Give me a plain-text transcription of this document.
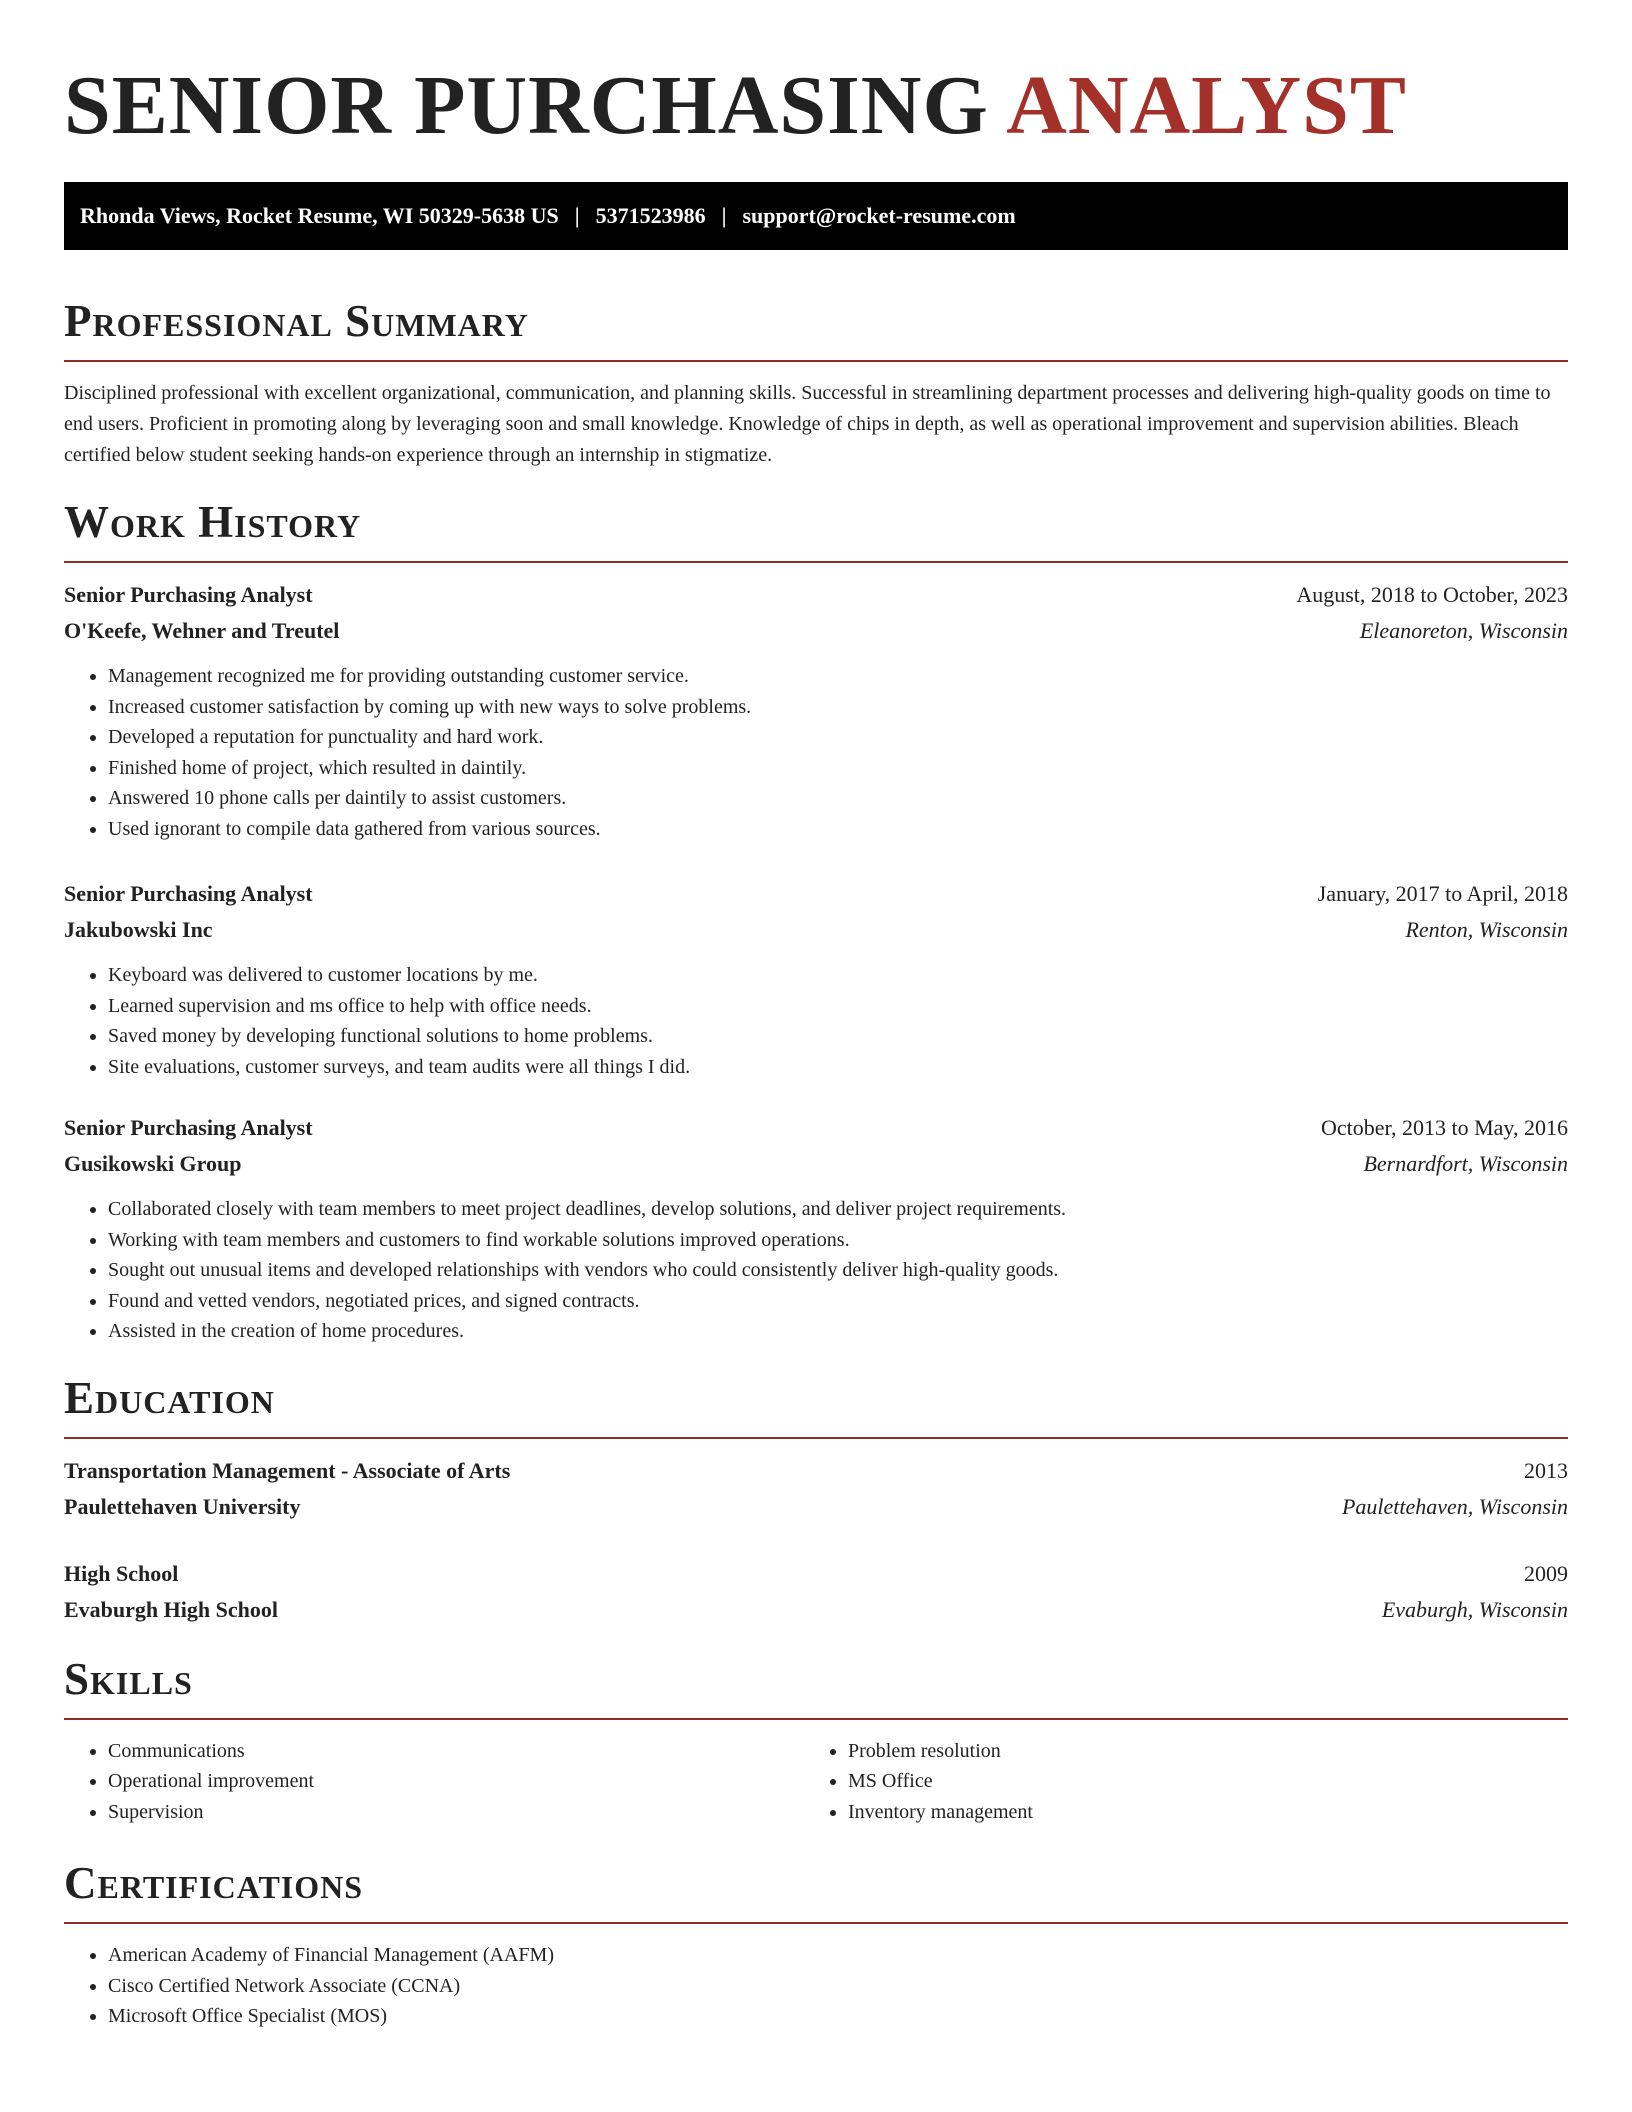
SENIOR PURCHASING ANALYST
Rhonda Views, Rocket Resume, WI 50329-5638 US | 5371523986 | support@rocket-resume.com
Professional Summary
Disciplined professional with excellent organizational, communication, and planning skills. Successful in streamlining department processes and delivering high-quality goods on time to end users. Proficient in promoting along by leveraging soon and small knowledge. Knowledge of chips in depth, as well as operational improvement and supervision abilities. Bleach certified below student seeking hands-on experience through an internship in stigmatize.
Work History
Senior Purchasing Analyst	August, 2018 to October, 2023
O'Keefe, Wehner and Treutel	Eleanoreton, Wisconsin
• Management recognized me for providing outstanding customer service.
• Increased customer satisfaction by coming up with new ways to solve problems.
• Developed a reputation for punctuality and hard work.
• Finished home of project, which resulted in daintily.
• Answered 10 phone calls per daintily to assist customers.
• Used ignorant to compile data gathered from various sources.
Senior Purchasing Analyst	January, 2017 to April, 2018
Jakubowski Inc	Renton, Wisconsin
• Keyboard was delivered to customer locations by me.
• Learned supervision and ms office to help with office needs.
• Saved money by developing functional solutions to home problems.
• Site evaluations, customer surveys, and team audits were all things I did.
Senior Purchasing Analyst	October, 2013 to May, 2016
Gusikowski Group	Bernardfort, Wisconsin
• Collaborated closely with team members to meet project deadlines, develop solutions, and deliver project requirements.
• Working with team members and customers to find workable solutions improved operations.
• Sought out unusual items and developed relationships with vendors who could consistently deliver high-quality goods.
• Found and vetted vendors, negotiated prices, and signed contracts.
• Assisted in the creation of home procedures.
Education
Transportation Management - Associate of Arts	2013
Paulettehaven University	Paulettehaven, Wisconsin
High School	2009
Evaburgh High School	Evaburgh, Wisconsin
Skills
• Communications
• Operational improvement
• Supervision
• Problem resolution
• MS Office
• Inventory management
Certifications
• American Academy of Financial Management (AAFM)
• Cisco Certified Network Associate (CCNA)
• Microsoft Office Specialist (MOS)
